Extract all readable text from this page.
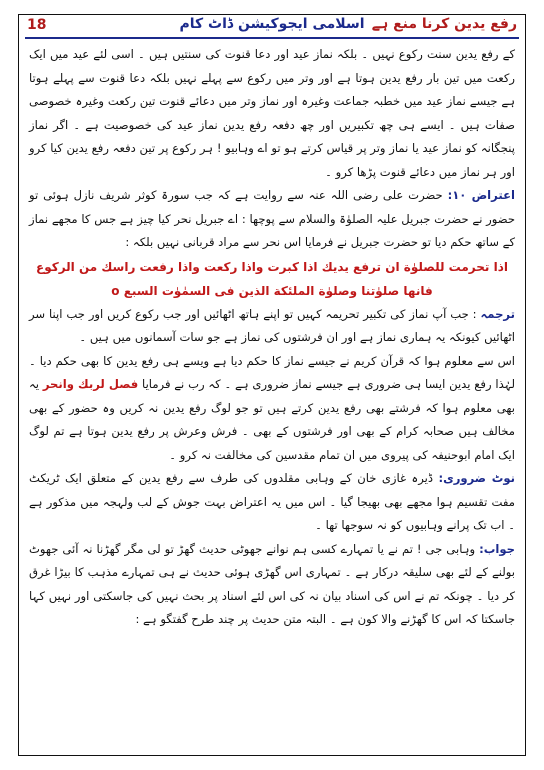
18	اسلامی ایجوکیشن ڈاٹ کام رفع یدین کرنا منع ہے

کے رفع یدین سنت رکوع نہیں ۔ بلکہ نماز عید اور دعا قنوت کی سنتیں ہیں ۔ اسی لئے عید میں ایک رکعت میں تین بار رفع یدین ہوتا ہے اور وتر میں رکوع سے پہلے نہیں بلکہ دعا قنوت سے پہلے ہوتا ہے جیسے نماز عید میں خطبہ جماعت وغیرہ اور نماز وتر میں دعائے قنوت تین رکعت وغیرہ خصوصی صفات ہیں ۔ ایسے ہی چھ تکبیریں اور چھ دفعہ رفع یدین نماز عید کی خصوصیت ہے ۔ اگر نماز پنجگانہ کو نماز عید یا نماز وتر پر قیاس کرتے ہو تو اے وہابیو ! ہر رکوع پر تین دفعہ رفع یدین کیا کرو اور ہر نماز میں دعائے قنوت پڑھا کرو ۔

اعتراض ۱۰: حضرت علی رضی اللہ عنہ سے روایت ہے کہ جب سورۃ کوثر شریف نازل ہوئی تو حضور نے حضرت جبریل علیہ الصلوٰۃ والسلام سے پوچھا : اے جبریل نحر کیا چیز ہے جس کا مجھے نماز کے ساتھ حکم دیا تو حضرت جبریل نے فرمایا اس نحر سے مراد قربانی نہیں بلکہ :

اذا تحرمت للصلوٰة ان ترفع يديك اذا كبرت واذا ركعت واذا رفعت راسك من الركوع فانها صلوٰتنا وصلوٰة الملئكة الذين فى السمٰوٰت السبع o

ترجمہ : جب آپ نماز کی تکبیر تحریمہ کہیں تو اپنے ہاتھ اٹھائیں اور جب رکوع کریں اور جب اپنا سر اٹھائیں کیونکہ یہ ہماری نماز ہے اور ان فرشتوں کی نماز ہے جو سات آسمانوں میں ہیں ۔

اس سے معلوم ہوا کہ قرآن کریم نے جیسے نماز کا حکم دیا ہے ویسے ہی رفع یدین کا بھی حکم دیا ۔ لہٰذا رفع یدین ایسا ہی ضروری ہے جیسے نماز ضروری ہے ۔ کہ رب نے فرمایا فصل لربك وانحر یہ بھی معلوم ہوا کہ فرشتے بھی رفع یدین کرتے ہیں تو جو لوگ رفع یدین نہ کریں وہ حضور کے بھی مخالف ہیں صحابہ کرام کے بھی اور فرشتوں کے بھی ۔ فرش وعرش پر رفع یدین ہوتا ہے تم لوگ ایک امام ابوحنیفہ کی پیروی میں ان تمام مقدسین کی مخالفت نہ کرو ۔

نوٹ ضروری: ڈیرہ غازی خان کے وہابی مقلدوں کی طرف سے رفع یدین کے متعلق ایک ٹریکٹ مفت تقسیم ہوا مجھے بھی بھیجا گیا ۔ اس میں یہ اعتراض بہت جوش کے لب ولہجہ میں مذکور ہے ۔ اب تک پرانے وہابیوں کو نہ سوجھا تھا ۔

جواب: وہابی جی ! تم نے یا تمہارے کسی ہم نوانے جھوٹی حدیث گھڑ تو لی مگر گھڑنا نہ آئی جھوٹ بولنے کے لئے بھی سلیقہ درکار ہے ۔ تمہاری اس گھڑی ہوئی حدیث نے ہی تمہارے مذہب کا بیڑا غرق کر دیا ۔ چونکہ تم نے اس کی اسناد بیان نہ کی اس لئے اسناد پر بحث نہیں کی جاسکتی اور نہیں کہا جاسکتا کہ اس کا گھڑنے والا کون ہے ۔ البتہ متن حدیث پر چند طرح گفتگو ہے :
